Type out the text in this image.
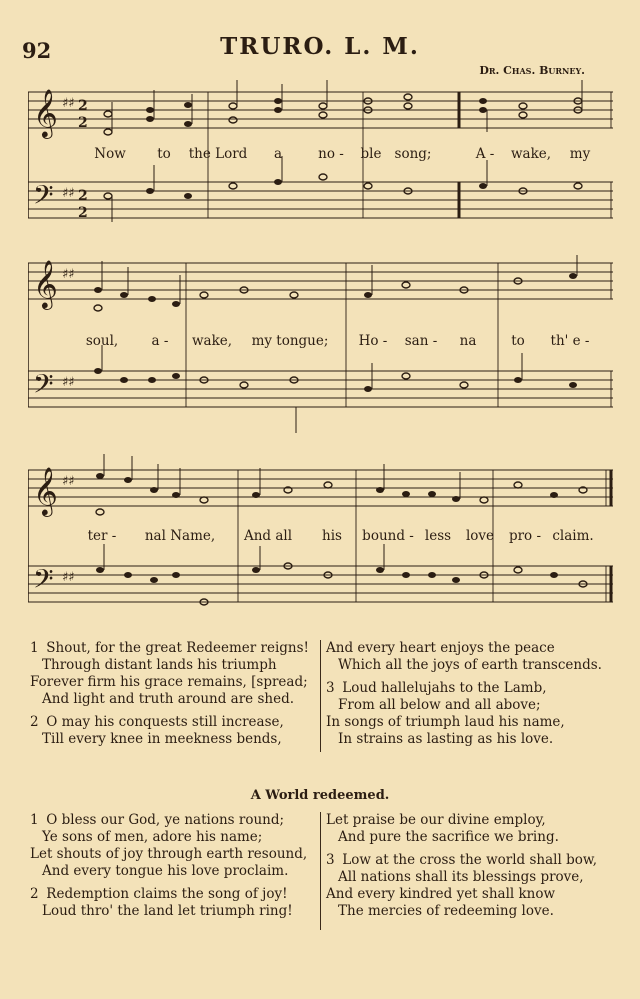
92	TRURO. L. M.
Dr. Chas. Burney.
𝄞
𝄢
♯♯
♯♯
2
2
2
2
Now to the Lord a	no - ble song;	A - wake, my
𝄞
𝄢
♯♯
♯♯
soul, a - wake, my tongue; Ho - san - na	to th' e -
𝄞
𝄢
♯♯
♯♯
ter - nal Name, And all his bound - less love pro - claim.
1 Shout, for the great Redeemer reigns!
Through distant lands his triumph
Forever firm his grace remains, [spread;
And light and truth around are shed.
2 O may his conquests still increase,
Till every knee in meekness bends,
And every heart enjoys the peace
Which all the joys of earth transcends.
3 Loud hallelujahs to the Lamb,
From all below and all above;
In songs of triumph laud his name,
In strains as lasting as his love.
A World redeemed.
1 O bless our God, ye nations round;
Ye sons of men, adore his name;
Let shouts of joy through earth resound,
And every tongue his love proclaim.
2 Redemption claims the song of joy!
Loud thro' the land let triumph ring!
Let praise be our divine employ,
And pure the sacrifice we bring.
3 Low at the cross the world shall bow,
All nations shall its blessings prove,
And every kindred yet shall know
The mercies of redeeming love.
